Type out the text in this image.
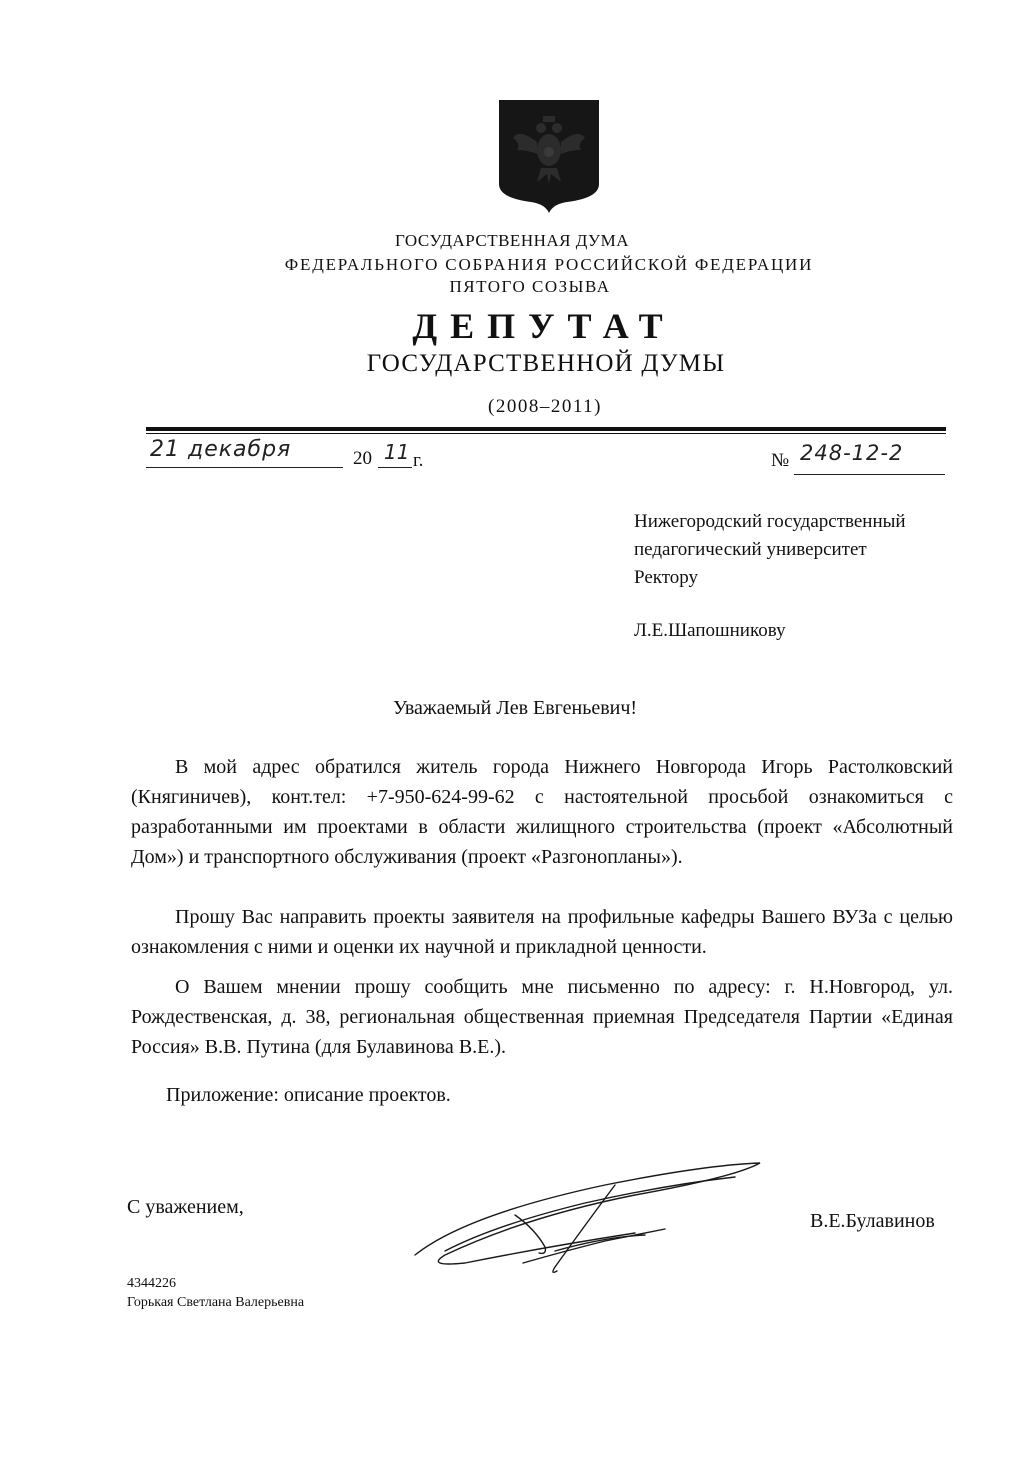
ГОСУДАРСТВЕННАЯ ДУМА
ФЕДЕРАЛЬНОГО СОБРАНИЯ РОССИЙСКОЙ ФЕДЕРАЦИИ
ПЯТОГО СОЗЫВА
ДЕПУТАТ
ГОСУДАРСТВЕННОЙ ДУМЫ
(2008–2011)
21 декабря	20 11 г.	№ 248-12-2
Нижегородский государственный
педагогический университет
Ректору
Л.Е.Шапошникову
Уважаемый Лев Евгеньевич!
В мой адрес обратился житель города Нижнего Новгорода Игорь Растолковский (Княгиничев), конт.тел: +7-950-624-99-62 с настоятельной просьбой ознакомиться с разработанными им проектами в области жилищного строительства (проект «Абсолютный Дом») и транспортного обслуживания (проект «Разгонопланы»).
Прошу Вас направить проекты заявителя на профильные кафедры Вашего ВУЗа с целью ознакомления с ними и оценки их научной и прикладной ценности.
О Вашем мнении прошу сообщить мне письменно по адресу: г. Н.Новгород, ул. Рождественская, д. 38, региональная общественная приемная Председателя Партии «Единая Россия» В.В. Путина (для Булавинова В.Е.).
Приложение: описание проектов.
С уважением,
В.Е.Булавинов
4344226
Горькая Светлана Валерьевна
